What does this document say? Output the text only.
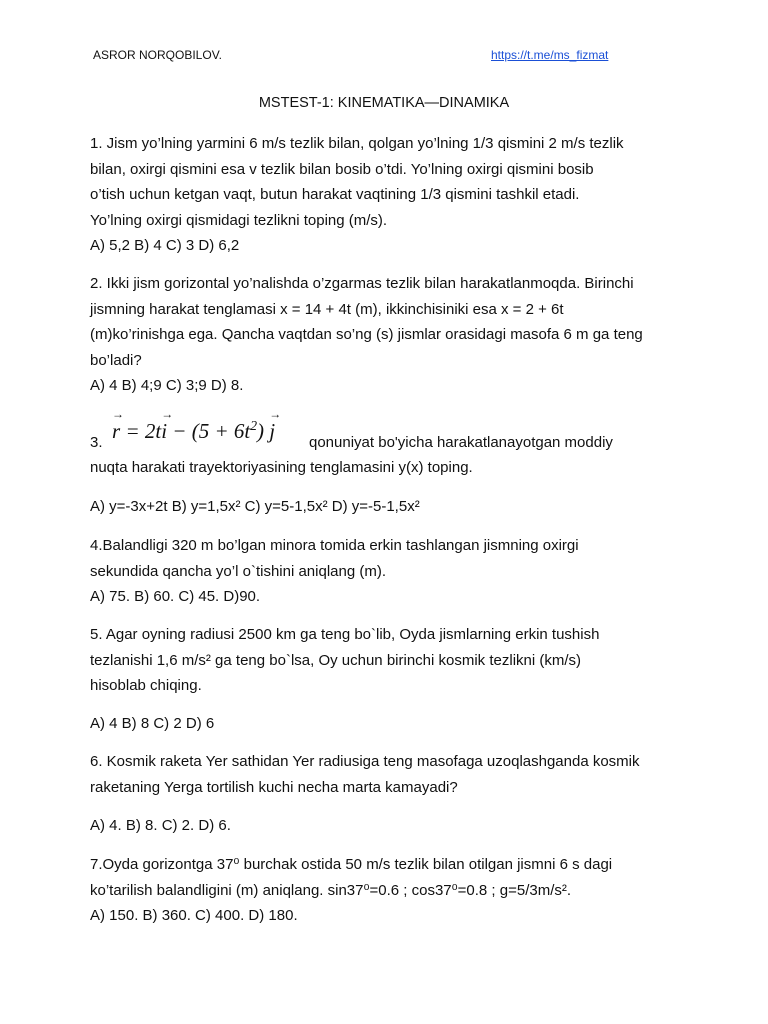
ASROR NORQOBILOV.	https://t.me/ms_fizmat
MSTEST-1: KINEMATIKA—DINAMIKA
1. Jism yo’lning yarmini 6 m/s tezlik bilan, qolgan yo’lning 1/3 qismini 2 m/s tezlik
bilan, oxirgi qismini esa v tezlik bilan bosib o’tdi. Yo’lning oxirgi qismini bosib
o’tish uchun ketgan vaqt, butun harakat vaqtining 1/3 qismini tashkil etadi.
Yo’lning oxirgi qismidagi tezlikni toping (m/s).
A) 5,2 B) 4 C) 3 D) 6,2
2. Ikki jism gorizontal yo’nalishda o’zgarmas tezlik bilan harakatlanmoqda. Birinchi
jismning harakat tenglamasi x = 14 + 4t (m), ikkinchisiniki esa x = 2 + 6t
(m)ko’rinishga ega. Qancha vaqtdan so’ng (s) jismlar orasidagi masofa 6 m ga teng
bo’ladi?
A) 4 B) 4;9 C) 3;9 D) 8.
3.
→ $r = 2t\to i - (5 + 6t^2) \to j$ qonuniyat bo'yicha harakatlanayotgan moddiy
nuqta harakati trayektoriyasining tenglamasini y(x) toping.
A) y=-3x+2t B) y=1,5x² C) y=5-1,5x² D) y=-5-1,5x²
4.Balandligi 320 m bo’lgan minora tomida erkin tashlangan jismning oxirgi
sekundida qancha yo’l o`tishini aniqlang (m).
A) 75. B) 60. C) 45. D)90.
5. Agar oyning radiusi 2500 km ga teng bo`lib, Oyda jismlarning erkin tushish
tezlanishi 1,6 m/s² ga teng bo`lsa, Oy uchun birinchi kosmik tezlikni (km/s)
hisoblab chiqing.
A) 4 B) 8 C) 2 D) 6
6. Kosmik raketa Yer sathidan Yer radiusiga teng masofaga uzoqlashganda kosmik
raketaning Yerga tortilish kuchi necha marta kamayadi?
A) 4. B) 8. C) 2. D) 6.
7.Oyda gorizontga 37⁰ burchak ostida 50 m/s tezlik bilan otilgan jismni 6 s dagi
ko’tarilish balandligini (m) aniqlang. sin37⁰=0.6 ; cos37⁰=0.8 ; g=5/3m/s².
A) 150. B) 360. C) 400. D) 180.
